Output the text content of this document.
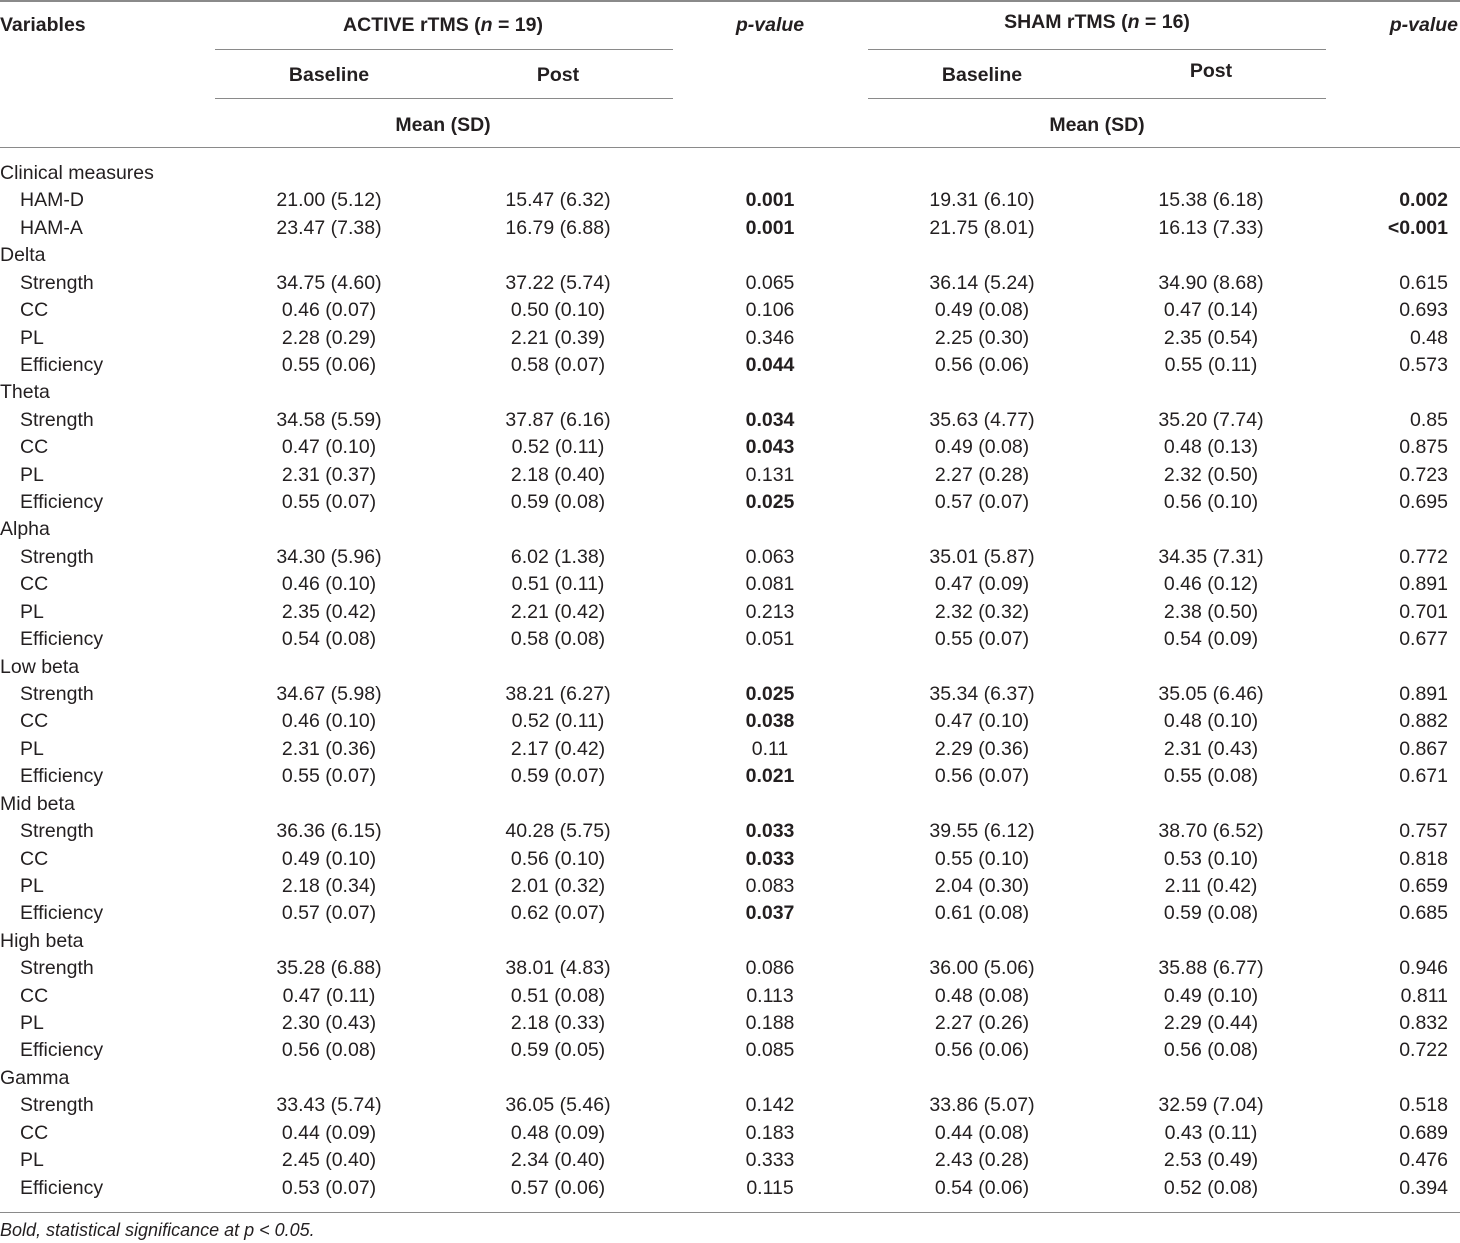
Variables	ACTIVE rTMS (n = 19)	p-value	SHAM rTMS (n = 16)	p-value
Baseline	Post	Baseline	Post
Mean (SD)	Mean (SD)
Clinical measures
HAM-D	21.00 (5.12)	15.47 (6.32)	0.001	19.31 (6.10)	15.38 (6.18)	0.002
HAM-A	23.47 (7.38)	16.79 (6.88)	0.001	21.75 (8.01)	16.13 (7.33)	<0.001
Delta
Strength	34.75 (4.60)	37.22 (5.74)	0.065	36.14 (5.24)	34.90 (8.68)	0.615
CC	0.46 (0.07)	0.50 (0.10)	0.106	0.49 (0.08)	0.47 (0.14)	0.693
PL	2.28 (0.29)	2.21 (0.39)	0.346	2.25 (0.30)	2.35 (0.54)	0.48
Efficiency	0.55 (0.06)	0.58 (0.07)	0.044	0.56 (0.06)	0.55 (0.11)	0.573
Theta
Strength	34.58 (5.59)	37.87 (6.16)	0.034	35.63 (4.77)	35.20 (7.74)	0.85
CC	0.47 (0.10)	0.52 (0.11)	0.043	0.49 (0.08)	0.48 (0.13)	0.875
PL	2.31 (0.37)	2.18 (0.40)	0.131	2.27 (0.28)	2.32 (0.50)	0.723
Efficiency	0.55 (0.07)	0.59 (0.08)	0.025	0.57 (0.07)	0.56 (0.10)	0.695
Alpha
Strength	34.30 (5.96)	6.02 (1.38)	0.063	35.01 (5.87)	34.35 (7.31)	0.772
CC	0.46 (0.10)	0.51 (0.11)	0.081	0.47 (0.09)	0.46 (0.12)	0.891
PL	2.35 (0.42)	2.21 (0.42)	0.213	2.32 (0.32)	2.38 (0.50)	0.701
Efficiency	0.54 (0.08)	0.58 (0.08)	0.051	0.55 (0.07)	0.54 (0.09)	0.677
Low beta
Strength	34.67 (5.98)	38.21 (6.27)	0.025	35.34 (6.37)	35.05 (6.46)	0.891
CC	0.46 (0.10)	0.52 (0.11)	0.038	0.47 (0.10)	0.48 (0.10)	0.882
PL	2.31 (0.36)	2.17 (0.42)	0.11	2.29 (0.36)	2.31 (0.43)	0.867
Efficiency	0.55 (0.07)	0.59 (0.07)	0.021	0.56 (0.07)	0.55 (0.08)	0.671
Mid beta
Strength	36.36 (6.15)	40.28 (5.75)	0.033	39.55 (6.12)	38.70 (6.52)	0.757
CC	0.49 (0.10)	0.56 (0.10)	0.033	0.55 (0.10)	0.53 (0.10)	0.818
PL	2.18 (0.34)	2.01 (0.32)	0.083	2.04 (0.30)	2.11 (0.42)	0.659
Efficiency	0.57 (0.07)	0.62 (0.07)	0.037	0.61 (0.08)	0.59 (0.08)	0.685
High beta
Strength	35.28 (6.88)	38.01 (4.83)	0.086	36.00 (5.06)	35.88 (6.77)	0.946
CC	0.47 (0.11)	0.51 (0.08)	0.113	0.48 (0.08)	0.49 (0.10)	0.811
PL	2.30 (0.43)	2.18 (0.33)	0.188	2.27 (0.26)	2.29 (0.44)	0.832
Efficiency	0.56 (0.08)	0.59 (0.05)	0.085	0.56 (0.06)	0.56 (0.08)	0.722
Gamma
Strength	33.43 (5.74)	36.05 (5.46)	0.142	33.86 (5.07)	32.59 (7.04)	0.518
CC	0.44 (0.09)	0.48 (0.09)	0.183	0.44 (0.08)	0.43 (0.11)	0.689
PL	2.45 (0.40)	2.34 (0.40)	0.333	2.43 (0.28)	2.53 (0.49)	0.476
Efficiency	0.53 (0.07)	0.57 (0.06)	0.115	0.54 (0.06)	0.52 (0.08)	0.394
Bold, statistical significance at p < 0.05.
